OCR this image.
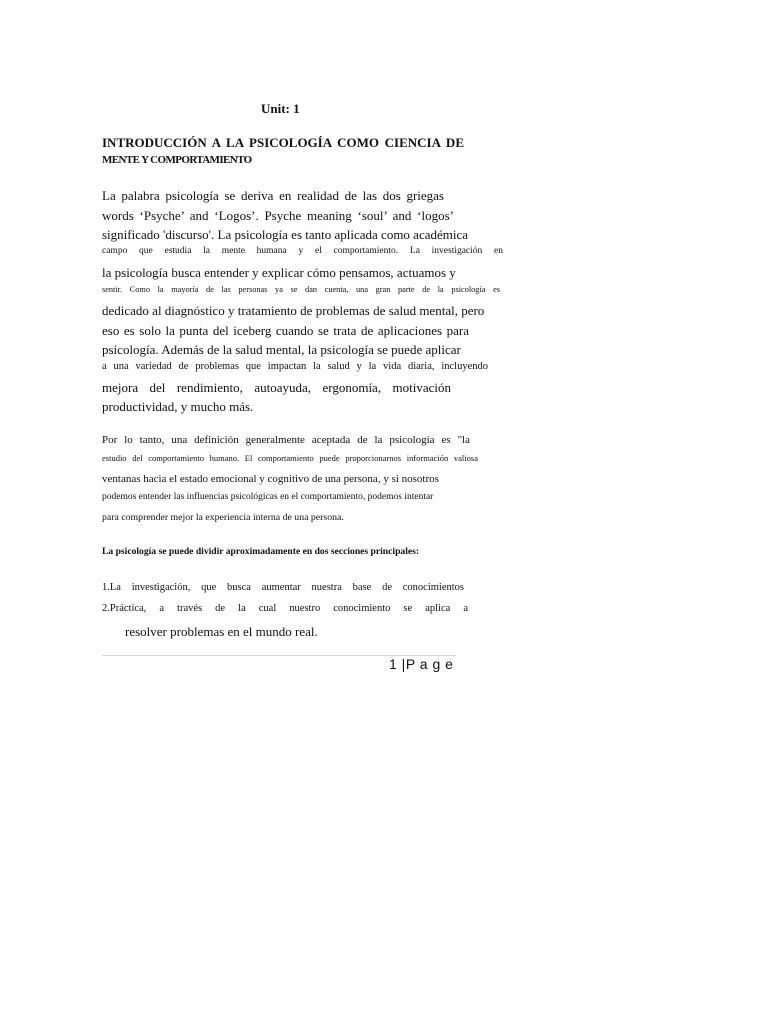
Unit: 1

INTRODUCCIÓN A LA PSICOLOGÍA COMO CIENCIA DE

MENTE Y COMPORTAMIENTO

La palabra psicología se deriva en realidad de las dos griegas

words ‘Psyche’ and ‘Logos’. Psyche meaning ‘soul’ and ‘logos’

significado 'discurso'. La psicología es tanto aplicada como académica

campo que estudia la mente humana y el comportamiento. La investigación en

la psicología busca entender y explicar cómo pensamos, actuamos y

sentir. Como la mayoría de las personas ya se dan cuenta, una gran parte de la psicología es

dedicado al diagnóstico y tratamiento de problemas de salud mental, pero

eso es solo la punta del iceberg cuando se trata de aplicaciones para

psicología. Además de la salud mental, la psicología se puede aplicar

a una variedad de problemas que impactan la salud y la vida diaria, incluyendo

mejora del rendimiento, autoayuda, ergonomía, motivación

productividad, y mucho más.

Por lo tanto, una definición generalmente aceptada de la psicología es "la

estudio del comportamiento humano. El comportamiento puede proporcionarnos información valiosa

ventanas hacia el estado emocional y cognitivo de una persona, y si nosotros

podemos entender las influencias psicológicas en el comportamiento, podemos intentar

para comprender mejor la experiencia interna de una persona.

La psicología se puede dividir aproximadamente en dos secciones principales:

1.La investigación, que busca aumentar nuestra base de conocimientos

2.Práctica, a través de la cual nuestro conocimiento se aplica a

resolver problemas en el mundo real.

1 |P a g e
